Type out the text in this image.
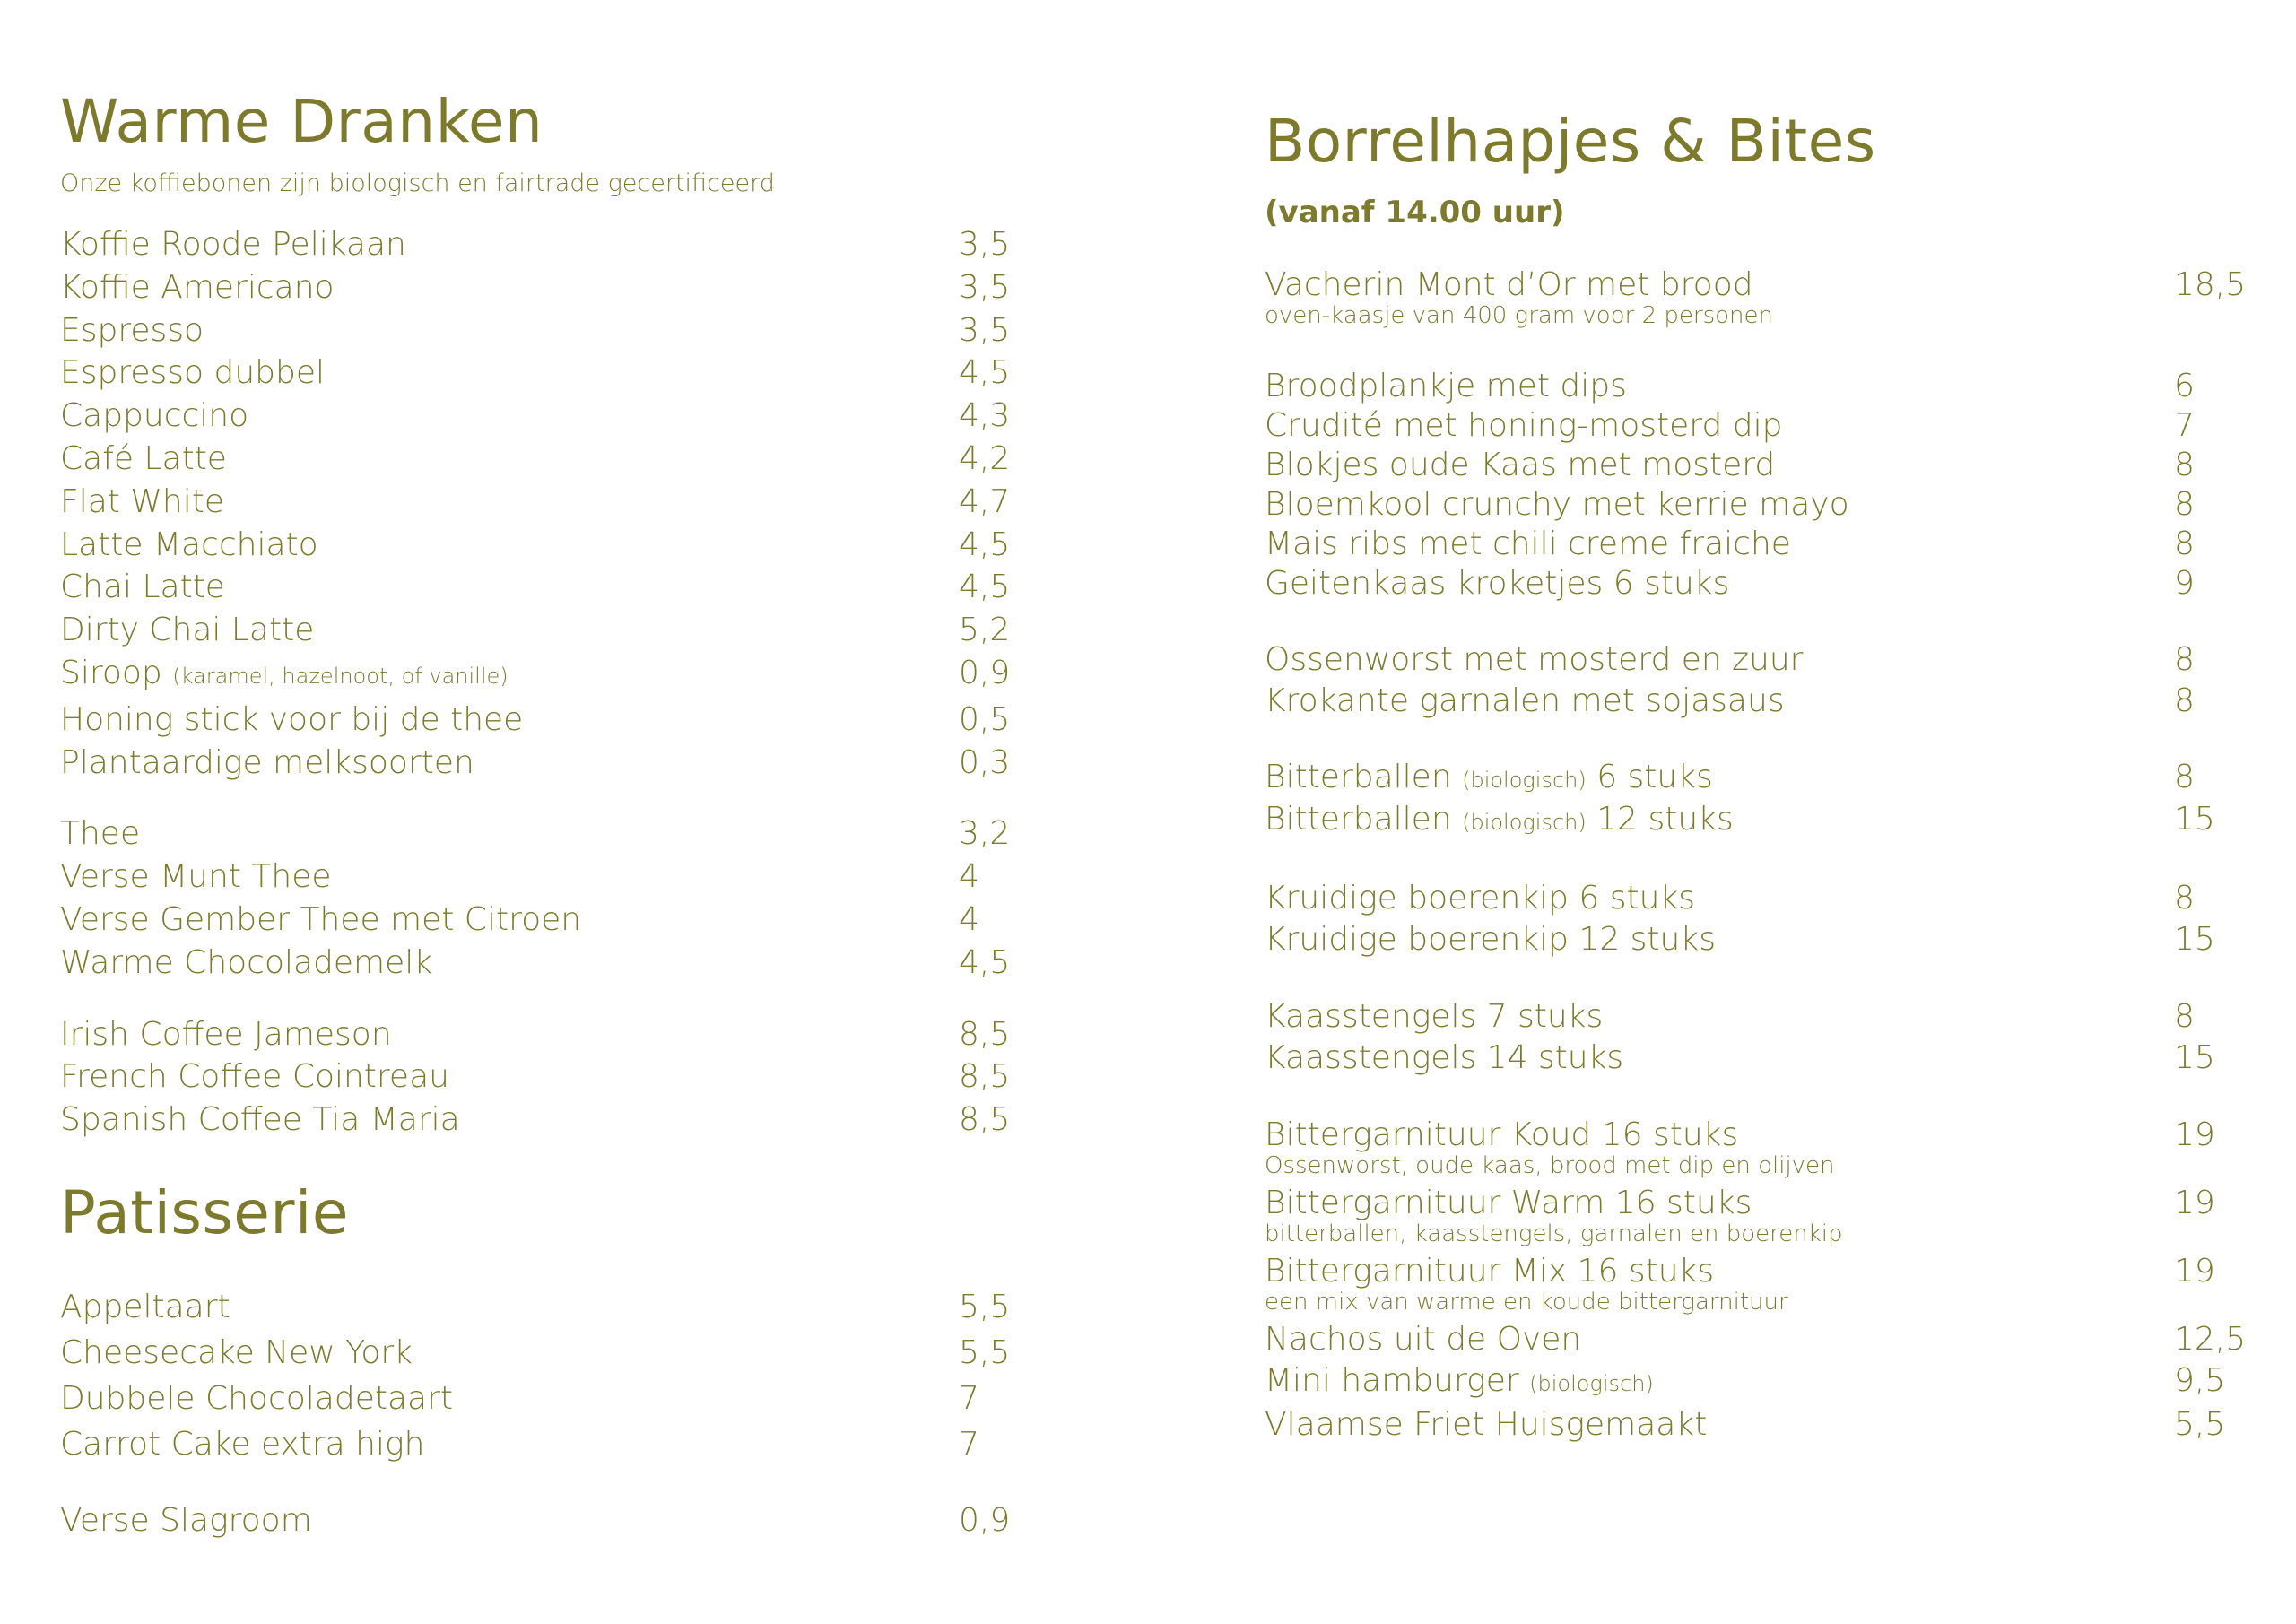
Warme Dranken

Onze koffiebonen zijn biologisch en fairtrade gecertificeerd

Koffie Roode Pelikaan	3,5
Koffie Americano	3,5
Espresso	3,5
Espresso dubbel	4,5
Cappuccino	4,3
Café Latte	4,2
Flat White	4,7
Latte Macchiato	4,5
Chai Latte	4,5
Dirty Chai Latte	5,2
Siroop (karamel, hazelnoot, of vanille)	0,9
Honing stick voor bij de thee	0,5
Plantaardige melksoorten	0,3
Thee	3,2
Verse Munt Thee	4
Verse Gember Thee met Citroen	4
Warme Chocolademelk	4,5
Irish Coffee Jameson	8,5
French Coffee Cointreau	8,5
Spanish Coffee Tia Maria	8,5
Patisserie
Appeltaart	5,5
Cheesecake New York	5,5
Dubbele Chocoladetaart	7
Carrot Cake extra high	7
Verse Slagroom	0,9
Borrelhapjes & Bites

(vanaf 14.00 uur)

Vacherin Mont d’Or met brood	18,5
oven-kaasje van 400 gram voor 2 personen
Broodplankje met dips	6
Crudité met honing-mosterd dip	7
Blokjes oude Kaas met mosterd	8
Bloemkool crunchy met kerrie mayo	8
Mais ribs met chili creme fraiche	8
Geitenkaas kroketjes 6 stuks	9
Ossenworst met mosterd en zuur	8
Krokante garnalen met sojasaus	8
Bitterballen (biologisch) 6 stuks	8
Bitterballen (biologisch) 12 stuks	15
Kruidige boerenkip 6 stuks	8
Kruidige boerenkip 12 stuks	15
Kaasstengels 7 stuks	8
Kaasstengels 14 stuks	15
Bittergarnituur Koud 16 stuks	19
Ossenworst, oude kaas, brood met dip en olijven
Bittergarnituur Warm 16 stuks	19
bitterballen, kaasstengels, garnalen en boerenkip
Bittergarnituur Mix 16 stuks	19
een mix van warme en koude bittergarnituur
Nachos uit de Oven	12,5
Mini hamburger (biologisch)	9,5
Vlaamse Friet Huisgemaakt	5,5
